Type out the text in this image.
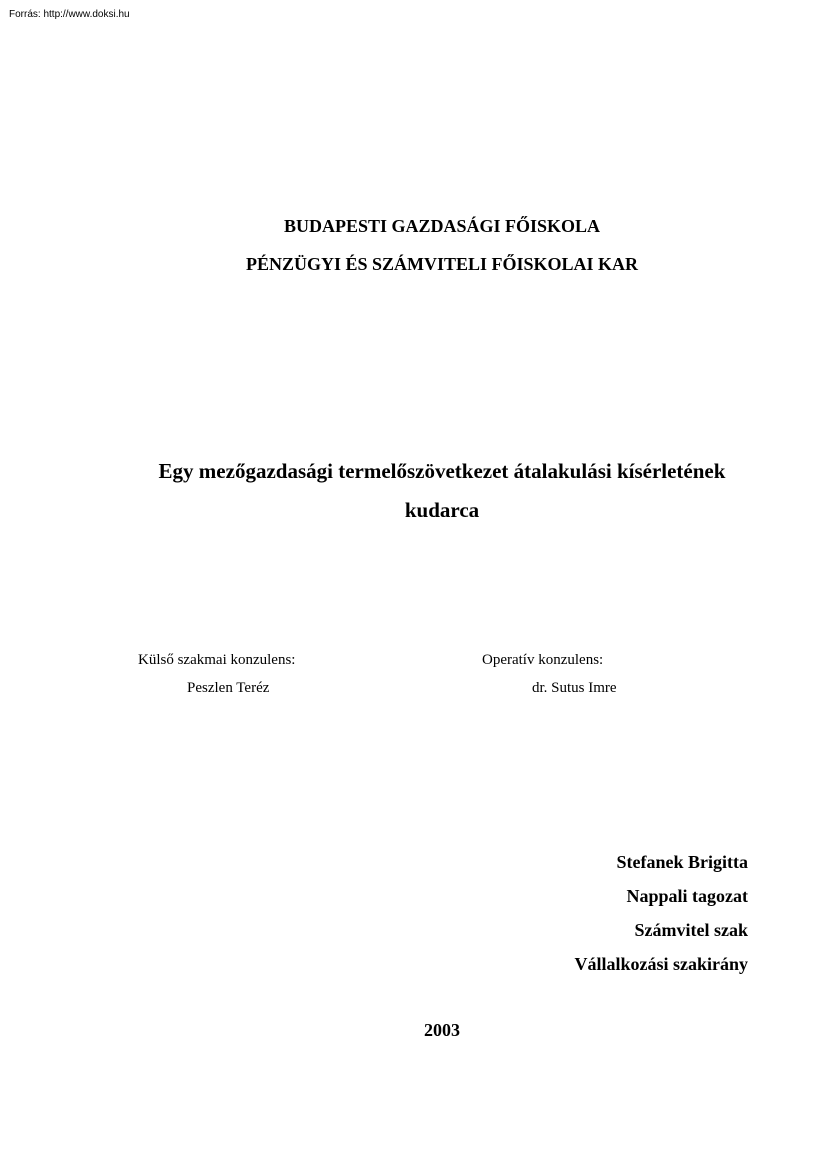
Forrás: http://www.doksi.hu
BUDAPESTI GAZDASÁGI FŐISKOLA
PÉNZÜGYI ÉS SZÁMVITELI FŐISKOLAI KAR
Egy mezőgazdasági termelőszövetkezet átalakulási kísérletének
kudarca
Külső szakmai konzulens:
Peszlen Teréz
Operatív konzulens:
dr. Sutus Imre
Stefanek Brigitta
Nappali tagozat
Számvitel szak
Vállalkozási szakirány
2003
